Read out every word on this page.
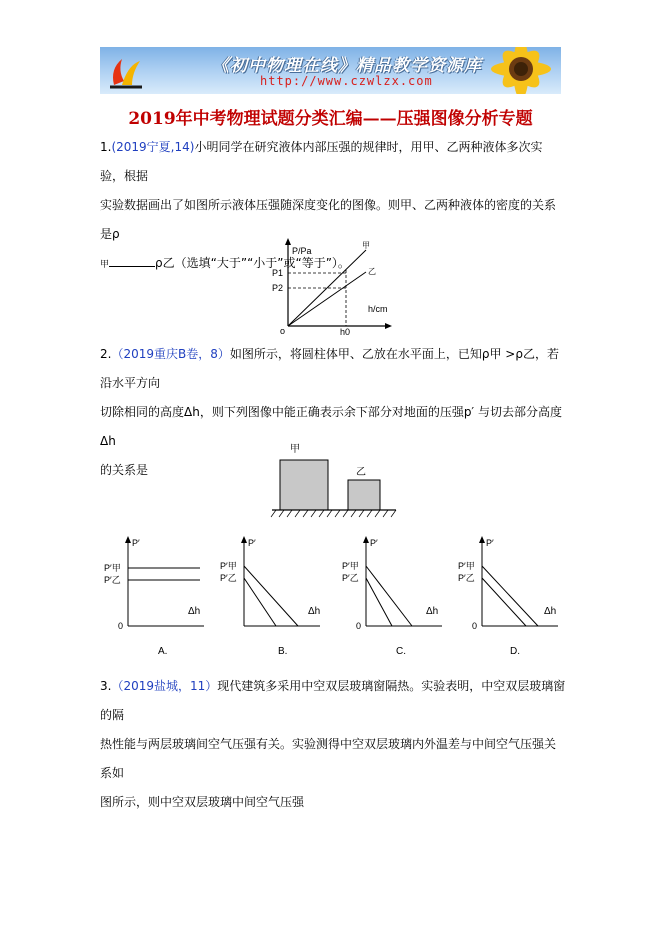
《初中物理在线》精品教学资源库
http://www.czwlzx.com
2019年中考物理试题分类汇编——压强图像分析专题
1.(2019宁夏,14)小明同学在研究液体内部压强的规律时，用甲、乙两种液体多次实验，根据
实验数据画出了如图所示液体压强随深度变化的图像。则甲、乙两种液体的密度的关系是ρ
甲	ρ乙（选填“大于”“小于”或“等于”）。
P/Pa
h/cm
P1
P2
h0
o
甲
乙
2.（2019重庆B卷，8）如图所示，将圆柱体甲、乙放在水平面上，已知ρ甲 >ρ乙，若沿水平方向
切除相同的高度Δh，则下列图像中能正确表示余下部分对地面的压强p′ 与切去部分高度Δh
的关系是
甲
乙
P′
P′甲
P′乙
Δh
0
A.
P′
P′甲
P′乙
Δh
B.
P′
P′甲
P′乙
Δh
0
C.
P′
P′甲
P′乙
Δh
0
D.
3.（2019盐城，11）现代建筑多采用中空双层玻璃窗隔热。实验表明，中空双层玻璃窗的隔
热性能与两层玻璃间空气压强有关。实验测得中空双层玻璃内外温差与中间空气压强关系如
图所示，则中空双层玻璃中间空气压强
